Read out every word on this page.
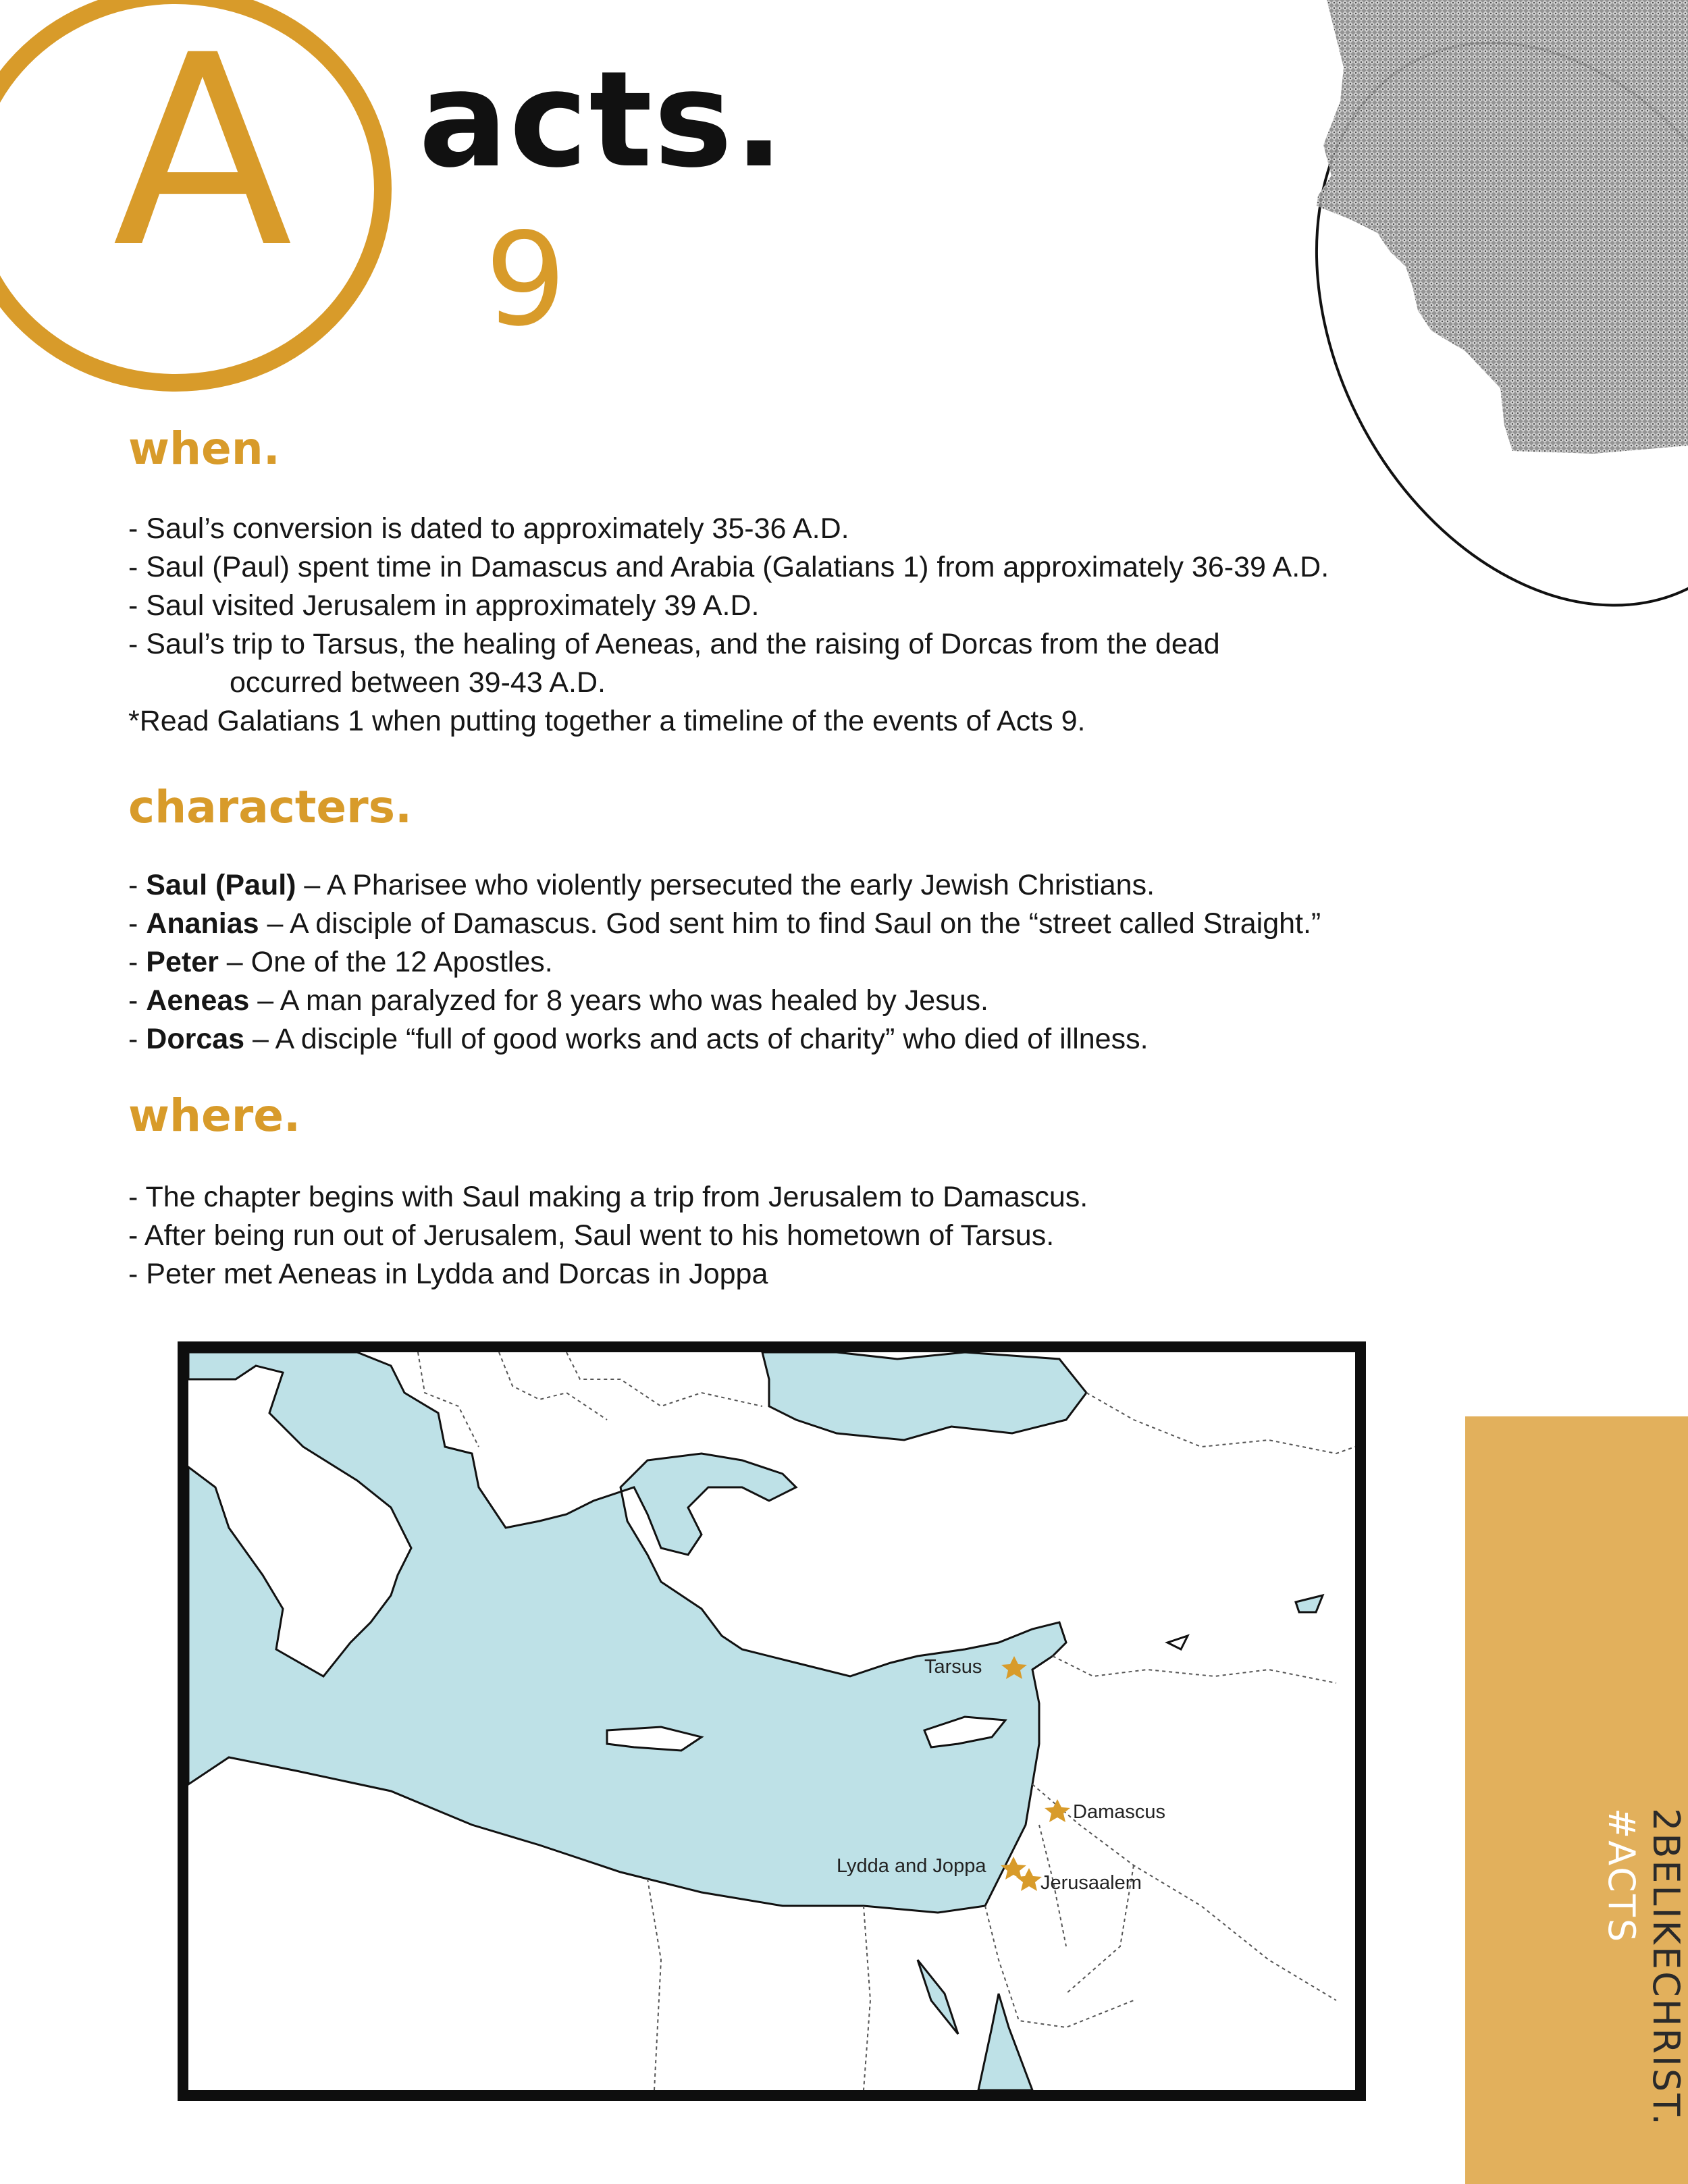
A acts.
9
when.
- Saul’s conversion is dated to approximately 35-36 A.D.
- Saul (Paul) spent time in Damascus and Arabia (Galatians 1) from approximately 36-39 A.D.
- Saul visited Jerusalem in approximately 39 A.D.
- Saul’s trip to Tarsus, the healing of Aeneas, and the raising of Dorcas from the dead
occurred between 39-43 A.D.
*Read Galatians 1 when putting together a timeline of the events of Acts 9.
characters.
- Saul (Paul) – A Pharisee who violently persecuted the early Jewish Christians.
- Ananias – A disciple of Damascus. God sent him to find Saul on the “street called Straight.”
- Peter – One of the 12 Apostles.
- Aeneas – A man paralyzed for 8 years who was healed by Jesus.
- Dorcas – A disciple “full of good works and acts of charity” who died of illness.
where.
- The chapter begins with Saul making a trip from Jerusalem to Damascus.
- After being run out of Jerusalem, Saul went to his hometown of Tarsus.
- Peter met Aeneas in Lydda and Dorcas in Joppa
Tarsus
Damascus
Lydda and Joppa
Jerusaalem	2BELIKECHRIST.
#ACTS
